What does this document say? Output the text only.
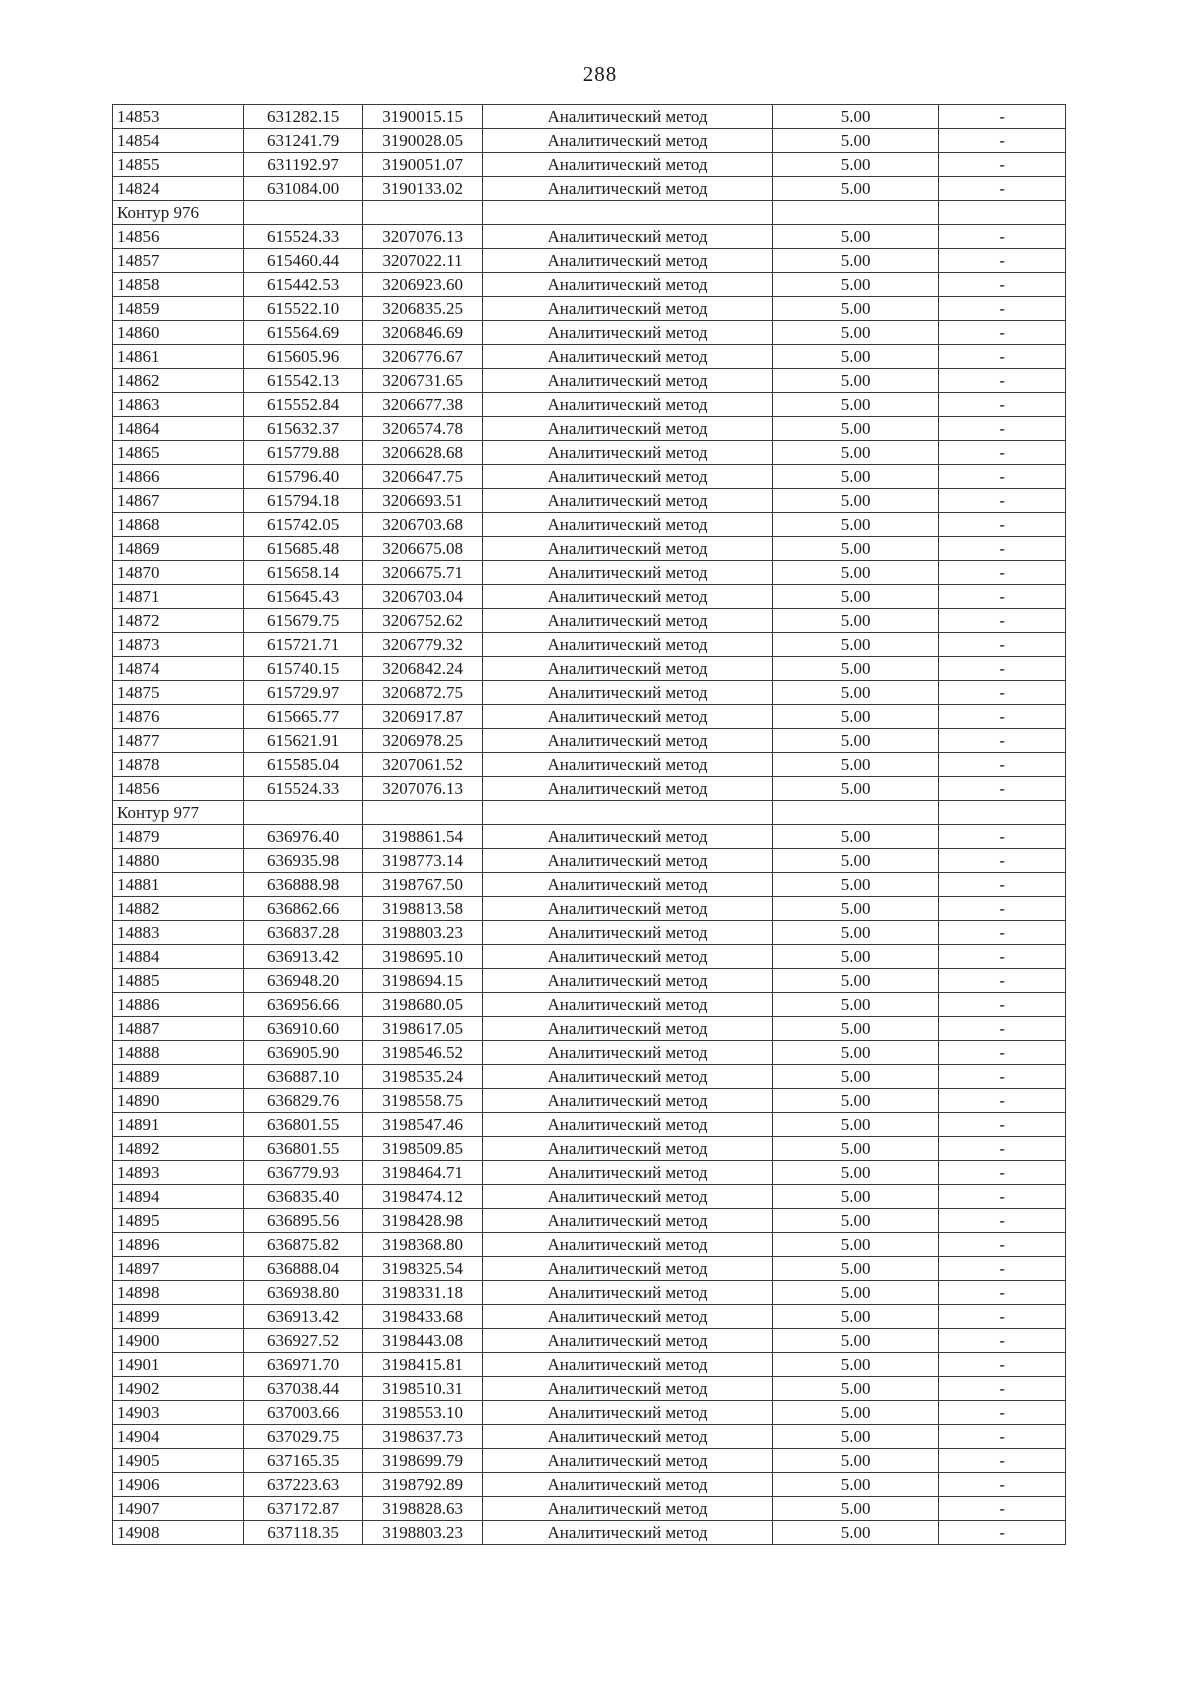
288
14853	631282.15	3190015.15	Аналитический метод	5.00	-
14854	631241.79	3190028.05	Аналитический метод	5.00	-
14855	631192.97	3190051.07	Аналитический метод	5.00	-
14824	631084.00	3190133.02	Аналитический метод	5.00	-
Контур 976					
14856	615524.33	3207076.13	Аналитический метод	5.00	-
14857	615460.44	3207022.11	Аналитический метод	5.00	-
14858	615442.53	3206923.60	Аналитический метод	5.00	-
14859	615522.10	3206835.25	Аналитический метод	5.00	-
14860	615564.69	3206846.69	Аналитический метод	5.00	-
14861	615605.96	3206776.67	Аналитический метод	5.00	-
14862	615542.13	3206731.65	Аналитический метод	5.00	-
14863	615552.84	3206677.38	Аналитический метод	5.00	-
14864	615632.37	3206574.78	Аналитический метод	5.00	-
14865	615779.88	3206628.68	Аналитический метод	5.00	-
14866	615796.40	3206647.75	Аналитический метод	5.00	-
14867	615794.18	3206693.51	Аналитический метод	5.00	-
14868	615742.05	3206703.68	Аналитический метод	5.00	-
14869	615685.48	3206675.08	Аналитический метод	5.00	-
14870	615658.14	3206675.71	Аналитический метод	5.00	-
14871	615645.43	3206703.04	Аналитический метод	5.00	-
14872	615679.75	3206752.62	Аналитический метод	5.00	-
14873	615721.71	3206779.32	Аналитический метод	5.00	-
14874	615740.15	3206842.24	Аналитический метод	5.00	-
14875	615729.97	3206872.75	Аналитический метод	5.00	-
14876	615665.77	3206917.87	Аналитический метод	5.00	-
14877	615621.91	3206978.25	Аналитический метод	5.00	-
14878	615585.04	3207061.52	Аналитический метод	5.00	-
14856	615524.33	3207076.13	Аналитический метод	5.00	-
Контур 977					
14879	636976.40	3198861.54	Аналитический метод	5.00	-
14880	636935.98	3198773.14	Аналитический метод	5.00	-
14881	636888.98	3198767.50	Аналитический метод	5.00	-
14882	636862.66	3198813.58	Аналитический метод	5.00	-
14883	636837.28	3198803.23	Аналитический метод	5.00	-
14884	636913.42	3198695.10	Аналитический метод	5.00	-
14885	636948.20	3198694.15	Аналитический метод	5.00	-
14886	636956.66	3198680.05	Аналитический метод	5.00	-
14887	636910.60	3198617.05	Аналитический метод	5.00	-
14888	636905.90	3198546.52	Аналитический метод	5.00	-
14889	636887.10	3198535.24	Аналитический метод	5.00	-
14890	636829.76	3198558.75	Аналитический метод	5.00	-
14891	636801.55	3198547.46	Аналитический метод	5.00	-
14892	636801.55	3198509.85	Аналитический метод	5.00	-
14893	636779.93	3198464.71	Аналитический метод	5.00	-
14894	636835.40	3198474.12	Аналитический метод	5.00	-
14895	636895.56	3198428.98	Аналитический метод	5.00	-
14896	636875.82	3198368.80	Аналитический метод	5.00	-
14897	636888.04	3198325.54	Аналитический метод	5.00	-
14898	636938.80	3198331.18	Аналитический метод	5.00	-
14899	636913.42	3198433.68	Аналитический метод	5.00	-
14900	636927.52	3198443.08	Аналитический метод	5.00	-
14901	636971.70	3198415.81	Аналитический метод	5.00	-
14902	637038.44	3198510.31	Аналитический метод	5.00	-
14903	637003.66	3198553.10	Аналитический метод	5.00	-
14904	637029.75	3198637.73	Аналитический метод	5.00	-
14905	637165.35	3198699.79	Аналитический метод	5.00	-
14906	637223.63	3198792.89	Аналитический метод	5.00	-
14907	637172.87	3198828.63	Аналитический метод	5.00	-
14908	637118.35	3198803.23	Аналитический метод	5.00	-
